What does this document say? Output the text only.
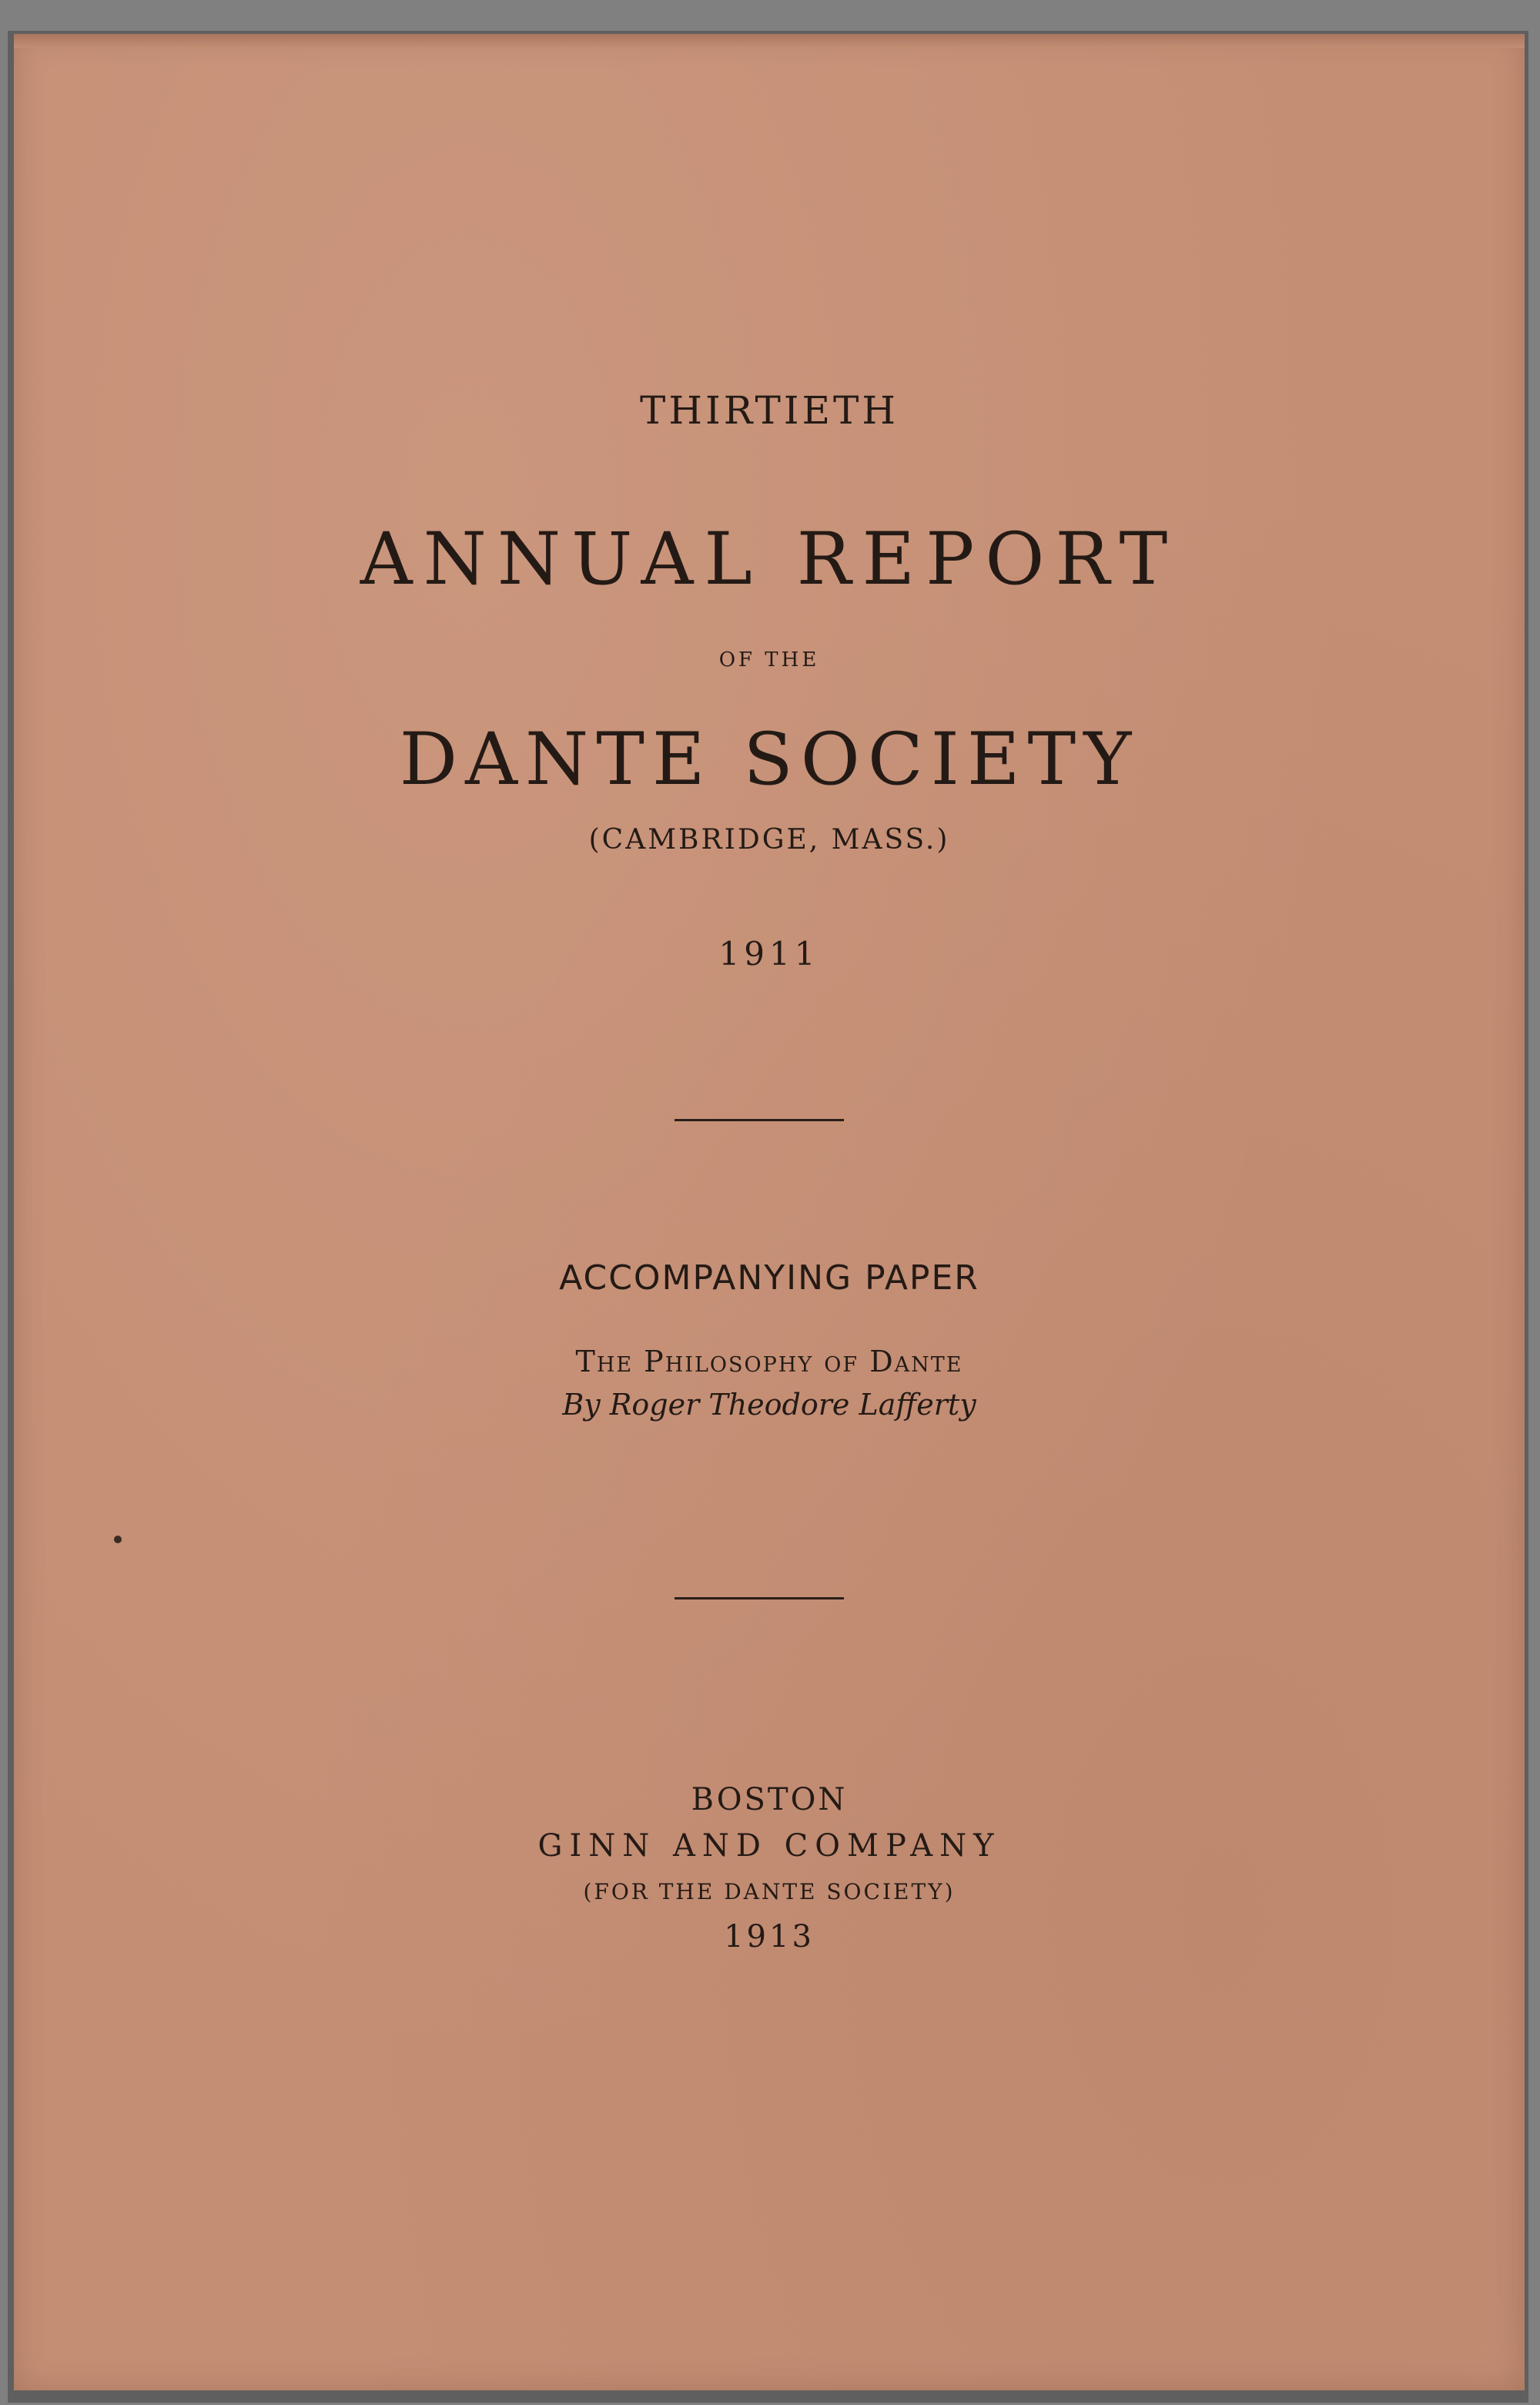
THIRTIETH
ANNUAL REPORT
OF THE
DANTE SOCIETY
(CAMBRIDGE, MASS.)
1911
ACCOMPANYING PAPER
The Philosophy of Dante
By Roger Theodore Lafferty
BOSTON
GINN AND COMPANY
(FOR THE DANTE SOCIETY)
1913
